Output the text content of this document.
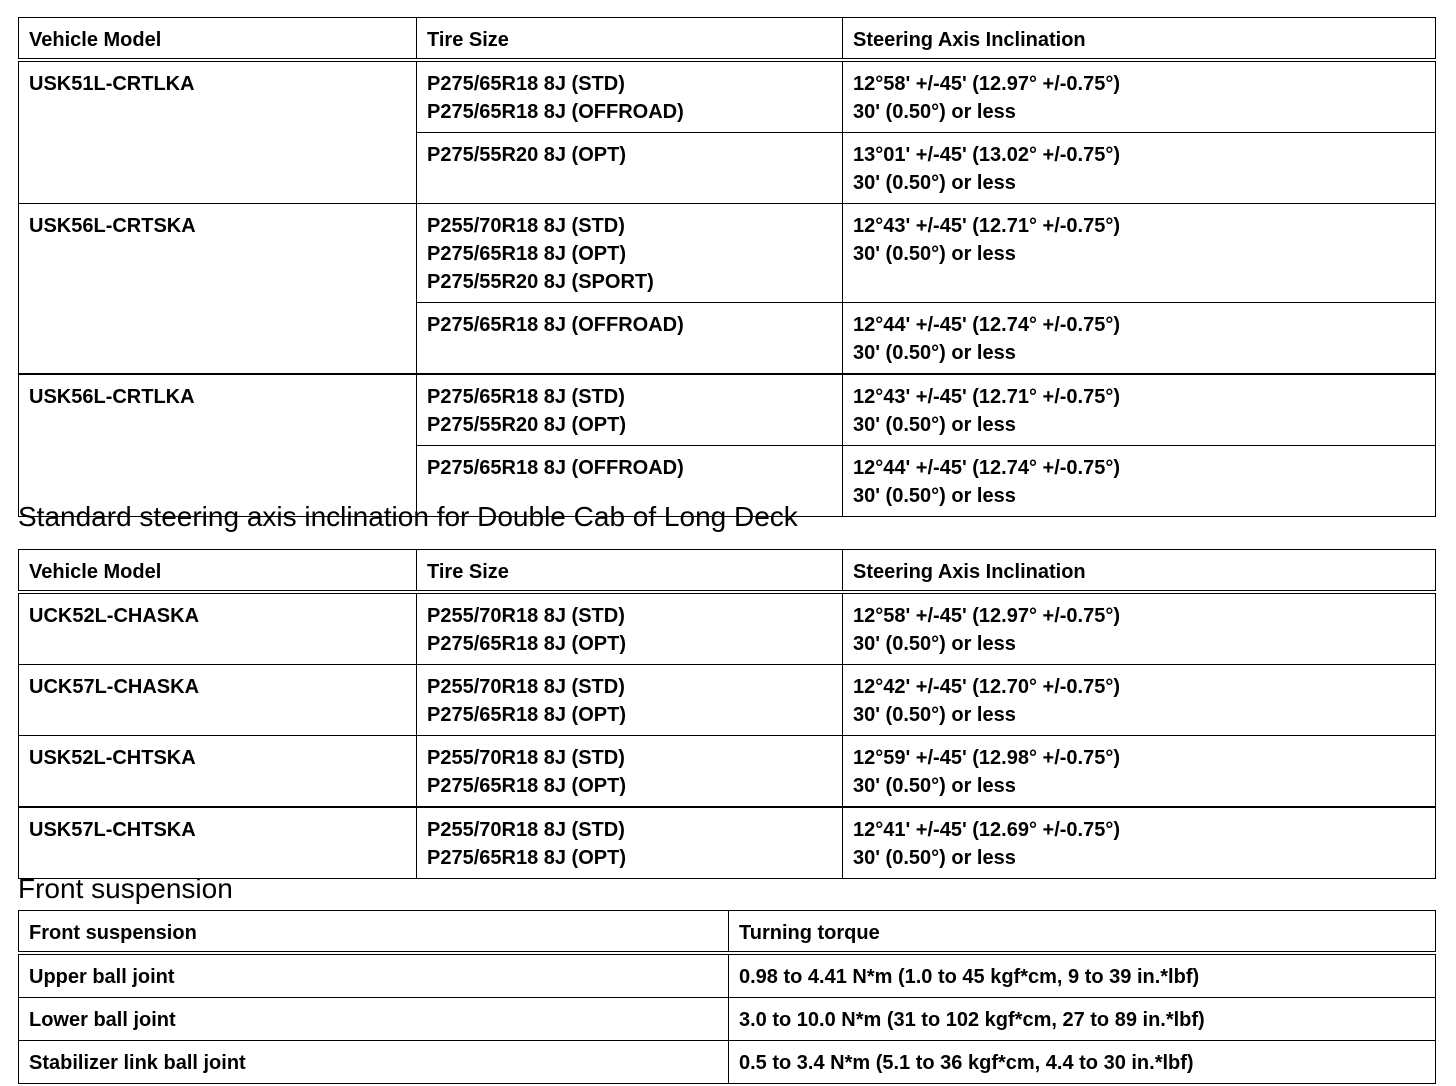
Vehicle Model	Tire Size	Steering Axis Inclination
USK51L-CRTLKA	P275/65R18 8J (STD)
P275/65R18 8J (OFFROAD)	12°58' +/-45' (12.97° +/-0.75°)
30' (0.50°) or less

	P275/55R20 8J (OPT)	13°01' +/-45' (13.02° +/-0.75°)
30' (0.50°) or less

USK56L-CRTSKA	P255/70R18 8J (STD)
P275/65R18 8J (OPT)
P275/55R20 8J (SPORT)	12°43' +/-45' (12.71° +/-0.75°)
30' (0.50°) or less

	P275/65R18 8J (OFFROAD)	12°44' +/-45' (12.74° +/-0.75°)
30' (0.50°) or less

USK56L-CRTLKA	P275/65R18 8J (STD)
P275/55R20 8J (OPT)	12°43' +/-45' (12.71° +/-0.75°)
30' (0.50°) or less

	P275/65R18 8J (OFFROAD)	12°44' +/-45' (12.74° +/-0.75°)
30' (0.50°) or less
Standard steering axis inclination for Double Cab of Long Deck
Vehicle Model	Tire Size	Steering Axis Inclination
UCK52L-CHASKA	P255/70R18 8J (STD)
P275/65R18 8J (OPT)	12°58' +/-45' (12.97° +/-0.75°)
30' (0.50°) or less

UCK57L-CHASKA	P255/70R18 8J (STD)
P275/65R18 8J (OPT)	12°42' +/-45' (12.70° +/-0.75°)
30' (0.50°) or less

USK52L-CHTSKA	P255/70R18 8J (STD)
P275/65R18 8J (OPT)	12°59' +/-45' (12.98° +/-0.75°)
30' (0.50°) or less

USK57L-CHTSKA	P255/70R18 8J (STD)
P275/65R18 8J (OPT)	12°41' +/-45' (12.69° +/-0.75°)
30' (0.50°) or less
Front suspension
Front suspension	Turning torque
Upper ball joint	0.98 to 4.41 N*m (1.0 to 45 kgf*cm, 9 to 39 in.*lbf)
Lower ball joint	3.0 to 10.0 N*m (31 to 102 kgf*cm, 27 to 89 in.*lbf)
Stabilizer link ball joint	0.5 to 3.4 N*m (5.1 to 36 kgf*cm, 4.4 to 30 in.*lbf)
